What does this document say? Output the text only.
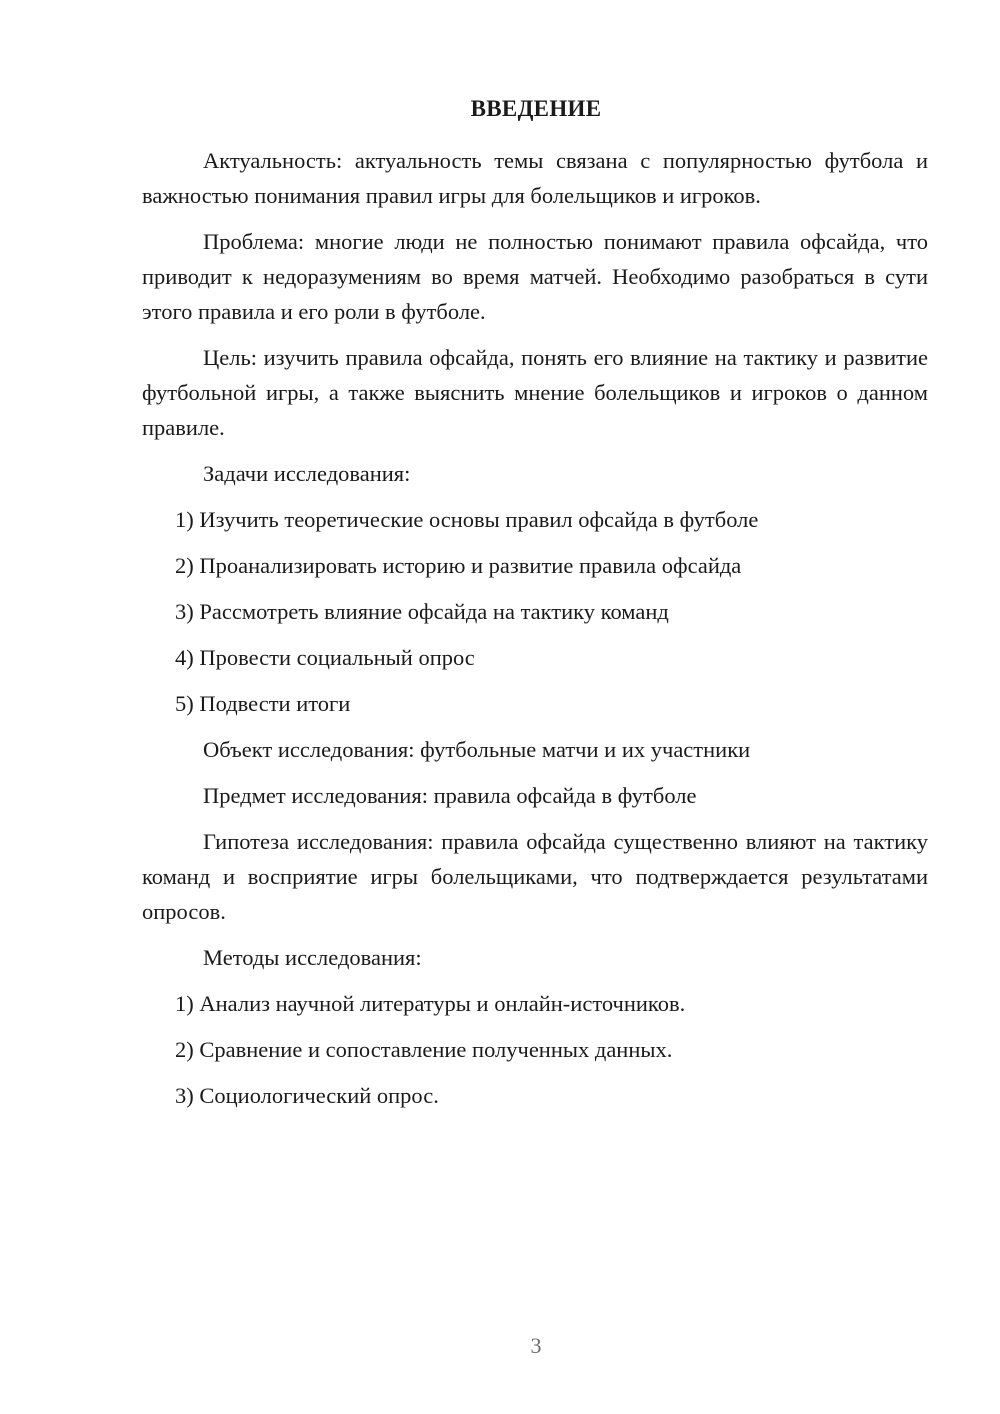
ВВЕДЕНИЕ

Актуальность: актуальность темы связана с популярностью футбола и важностью понимания правил игры для болельщиков и игроков.

Проблема: многие люди не полностью понимают правила офсайда, что приводит к недоразумениям во время матчей. Необходимо разобраться в сути этого правила и его роли в футболе.

Цель: изучить правила офсайда, понять его влияние на тактику и развитие футбольной игры, а также выяснить мнение болельщиков и игроков о данном правиле.

Задачи исследования:

1) Изучить теоретические основы правил офсайда в футболе

2) Проанализировать историю и развитие правила офсайда

3) Рассмотреть влияние офсайда на тактику команд

4) Провести социальный опрос

5) Подвести итоги

Объект исследования: футбольные матчи и их участники

Предмет исследования: правила офсайда в футболе

Гипотеза исследования: правила офсайда существенно влияют на тактику команд и восприятие игры болельщиками, что подтверждается результатами опросов.

Методы исследования:

1) Анализ научной литературы и онлайн-источников.

2) Сравнение и сопоставление полученных данных.

3) Социологический опрос.

3
